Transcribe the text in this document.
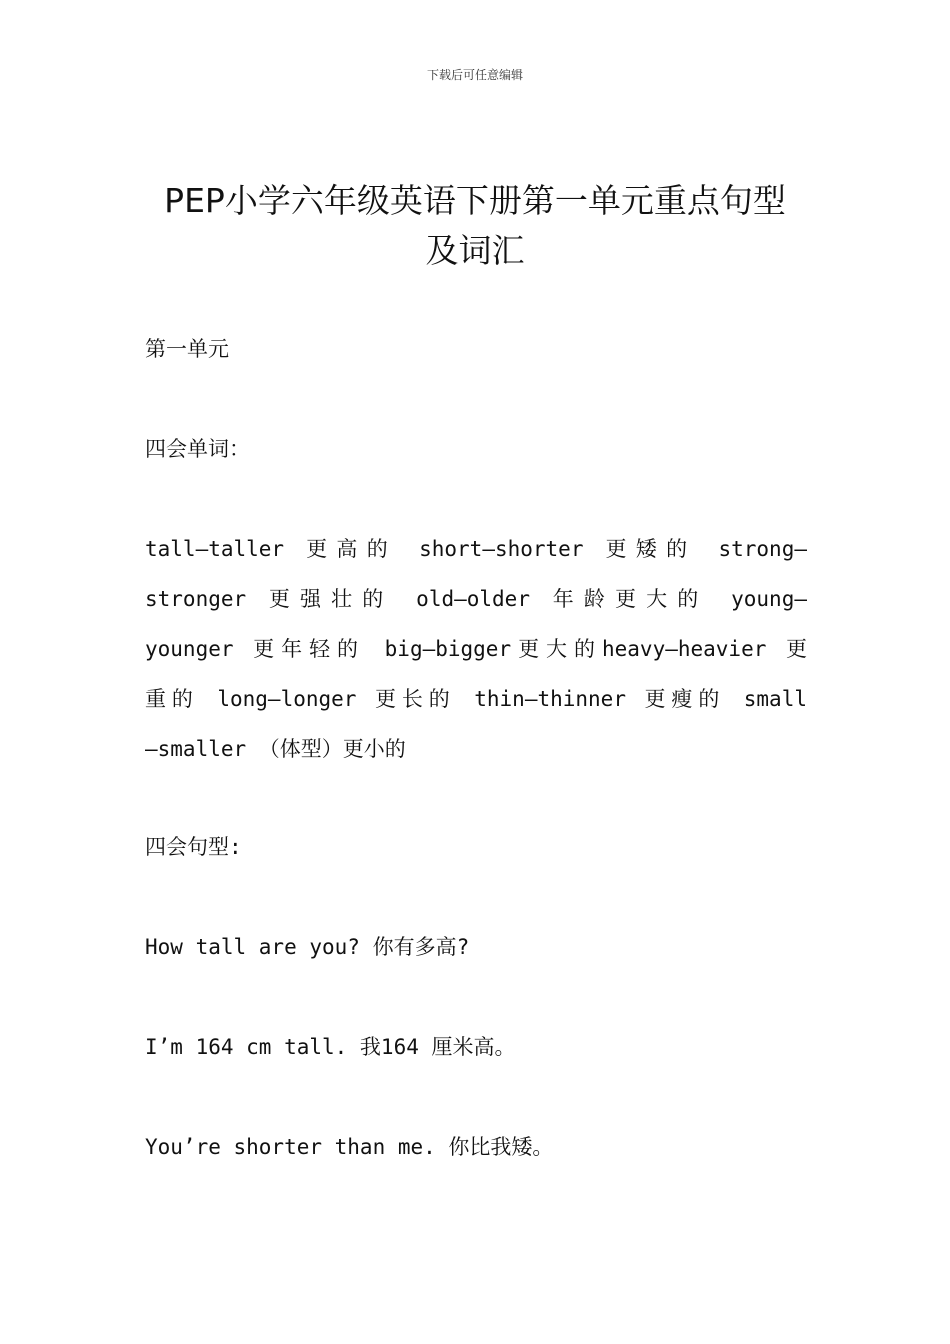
下载后可任意编辑
PEP小学六年级英语下册第一单元重点句型
及词汇

第一单元

四会单词：

tall—taller 更高的 short—shorter 更矮的 strong—
stronger 更强壮的 old—older 年龄更大的 young—
younger 更年轻的 big—bigger更大的heavy—heavier 更
重的 long—longer 更长的 thin—thinner 更瘦的 small
—smaller （体型）更小的

四会句型:

How tall are you? 你有多高?

I’m 164 cm tall. 我164 厘米高。

You’re shorter than me. 你比我矮。
